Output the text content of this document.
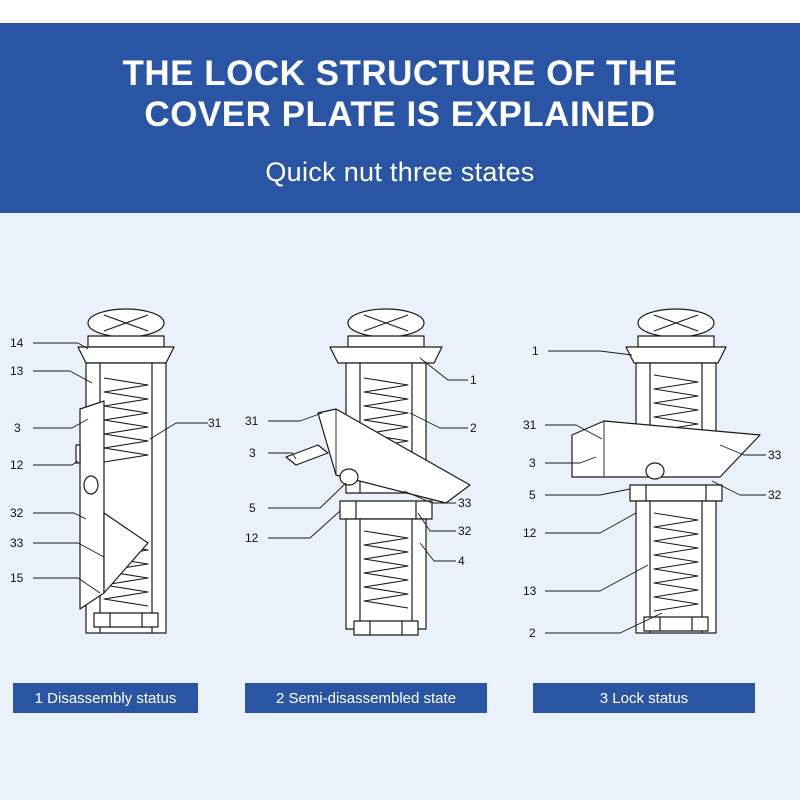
THE LOCK STRUCTURE OF THE COVER PLATE IS EXPLAINED
Quick nut three states
14
13
3
12
32
33
15
31
1
2
31
3
5
12
33
32
4
1
31
3
5
12
13
2
33
32
1 Disassembly status	2 Semi-disassembled state	3 Lock status
